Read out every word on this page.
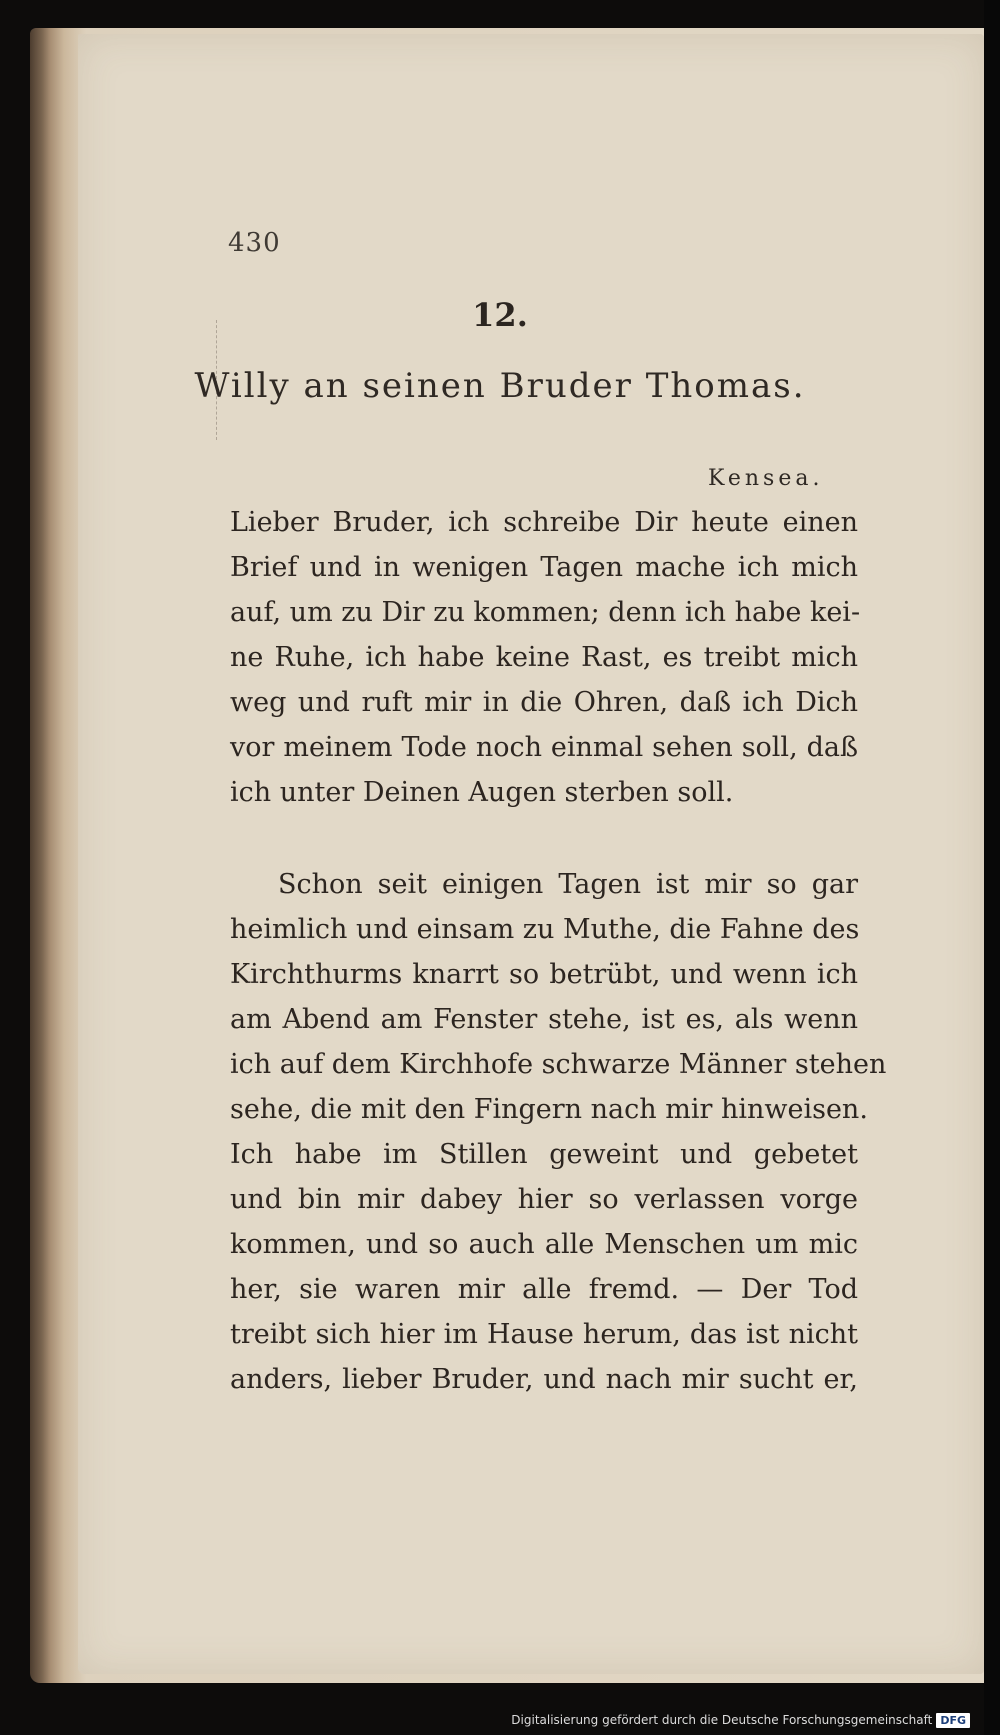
430
12.
Willy an seinen Bruder Thomas.
Kensea.
Lieber Bruder, ich schreibe Dir heute einen
Brief und in wenigen Tagen mache ich mich
auf, um zu Dir zu kommen; denn ich habe kei-
ne Ruhe, ich habe keine Rast, es treibt mich
weg und ruft mir in die Ohren, daß ich Dich
vor meinem Tode noch einmal sehen soll, daß
ich unter Deinen Augen sterben soll.
Schon seit einigen Tagen ist mir so gar
heimlich und einsam zu Muthe, die Fahne des
Kirchthurms knarrt so betrübt, und wenn ich
am Abend am Fenster stehe, ist es, als wenn
ich auf dem Kirchhofe schwarze Männer stehen
sehe, die mit den Fingern nach mir hinweisen.
Ich habe im Stillen geweint und gebetet
und bin mir dabey hier so verlassen vorge
kommen, und so auch alle Menschen um mic
her, sie waren mir alle fremd. — Der Tod
treibt sich hier im Hause herum, das ist nicht
anders, lieber Bruder, und nach mir sucht er,
Digitalisierung gefördert durch die Deutsche Forschungsgemeinschaft DFG
